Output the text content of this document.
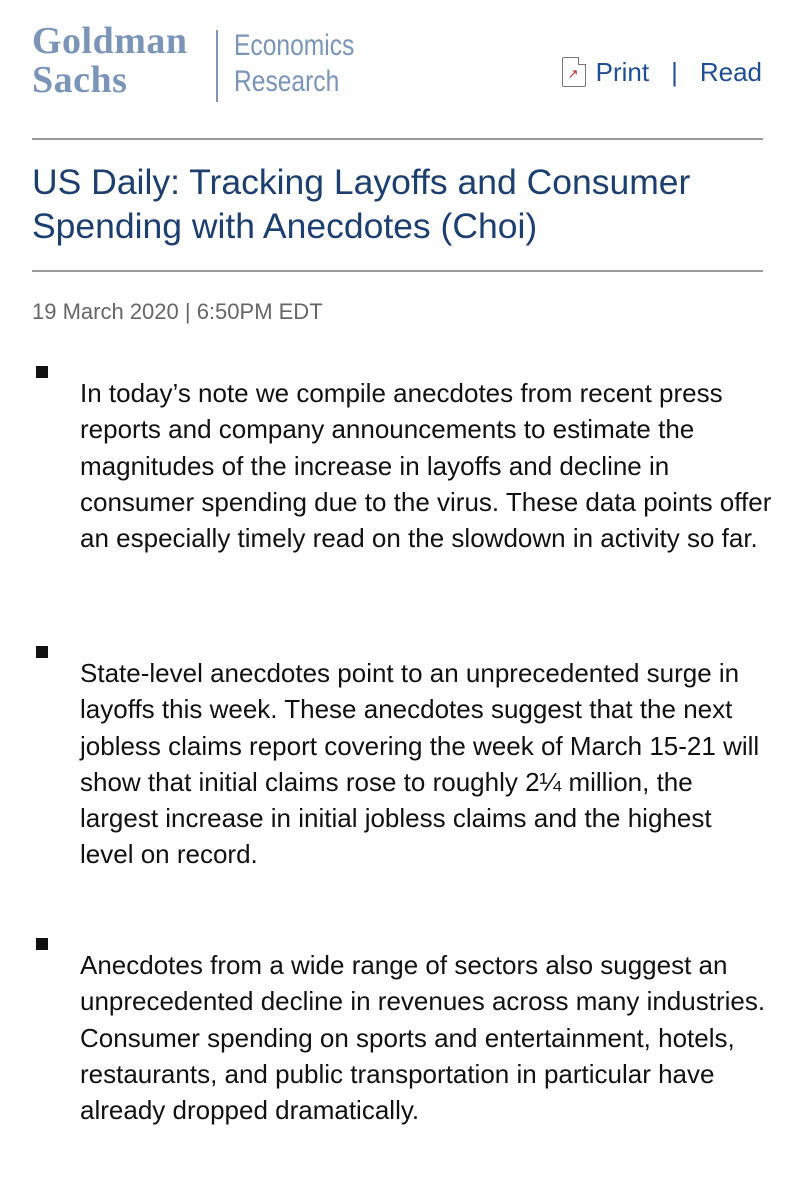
Goldman
Sachs
Economics
Research	↗ Print | Read
US Daily: Tracking Layoffs and Consumer Spending with Anecdotes (Choi)
19 March 2020 | 6:50PM EDT

In today’s note we compile anecdotes from recent press reports and company announcements to estimate the magnitudes of the increase in layoffs and decline in consumer spending due to the virus. These data points offer an especially timely read on the slowdown in activity so far.

State-level anecdotes point to an unprecedented surge in layoffs this week. These anecdotes suggest that the next jobless claims report covering the week of March 15-21 will show that initial claims rose to roughly 2¼ million, the largest increase in initial jobless claims and the highest level on record.

Anecdotes from a wide range of sectors also suggest an unprecedented decline in revenues across many industries. Consumer spending on sports and entertainment, hotels, restaurants, and public transportation in particular have already dropped dramatically.
